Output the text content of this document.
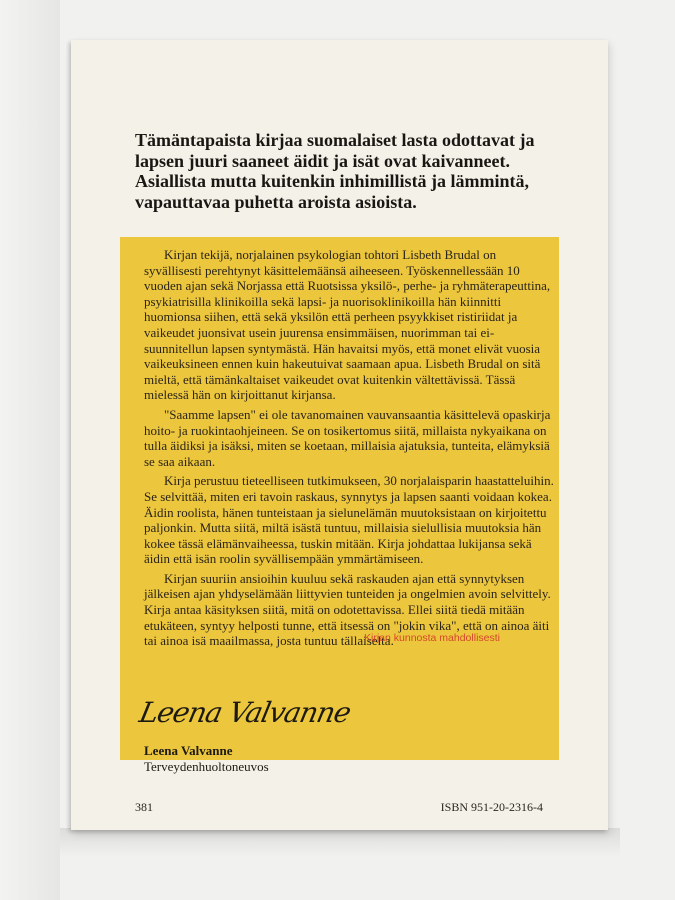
Tämäntapaista kirjaa suomalaiset lasta odottavat ja lapsen juuri saaneet äidit ja isät ovat kaivanneet. Asiallista mutta kuitenkin inhimillistä ja lämmintä, vapauttavaa puhetta aroista asioista.

Kirjan tekijä, norjalainen psykologian tohtori Lisbeth Brudal on syvällisesti perehtynyt käsittelemäänsä aiheeseen. Työskennellessään 10 vuoden ajan sekä Norjassa että Ruotsissa yksilö-, perhe- ja ryhmäterapeuttina, psykiatrisilla klinikoilla sekä lapsi- ja nuorisoklinikoilla hän kiinnitti huomionsa siihen, että sekä yksilön että perheen psyykkiset ristiriidat ja vaikeudet juonsivat usein juurensa ensimmäisen, nuorimman tai ei-suunnitellun lapsen syntymästä. Hän havaitsi myös, että monet elivät vuosia vaikeuksineen ennen kuin hakeutuivat saamaan apua. Lisbeth Brudal on sitä mieltä, että tämänkaltaiset vaikeudet ovat kuitenkin vältettävissä. Tässä mielessä hän on kirjoittanut kirjansa.

"Saamme lapsen" ei ole tavanomainen vauvansaantia käsittelevä opaskirja hoito- ja ruokintaohjeineen. Se on tosikertomus siitä, millaista nykyaikana on tulla äidiksi ja isäksi, miten se koetaan, millaisia ajatuksia, tunteita, elämyksiä se saa aikaan.

Kirja perustuu tieteelliseen tutkimukseen, 30 norjalaisparin haastatteluihin. Se selvittää, miten eri tavoin raskaus, synnytys ja lapsen saanti voidaan kokea. Äidin roolista, hänen tunteistaan ja sielunelämän muutoksistaan on kirjoitettu paljonkin. Mutta siitä, miltä isästä tuntuu, millaisia sielullisia muutoksia hän kokee tässä elämänvaiheessa, tuskin mitään. Kirja johdattaa lukijansa sekä äidin että isän roolin syvällisempään ymmärtämiseen.

Kirjan suuriin ansioihin kuuluu sekä raskauden ajan että synnytyksen jälkeisen ajan yhdyselämään liittyvien tunteiden ja ongelmien avoin selvittely. Kirja antaa käsityksen siitä, mitä on odotettavissa. Ellei siitä tiedä mitään etukäteen, syntyy helposti tunne, että itsessä on "jokin vika", että on ainoa äiti tai ainoa isä maailmassa, josta tuntuu tällaiselta.

Leena Valvanne
Leena Valvanne
Terveydenhuoltoneuvos
Kirjan kunnosta mahdollisesti
381	ISBN 951-20-2316-4
